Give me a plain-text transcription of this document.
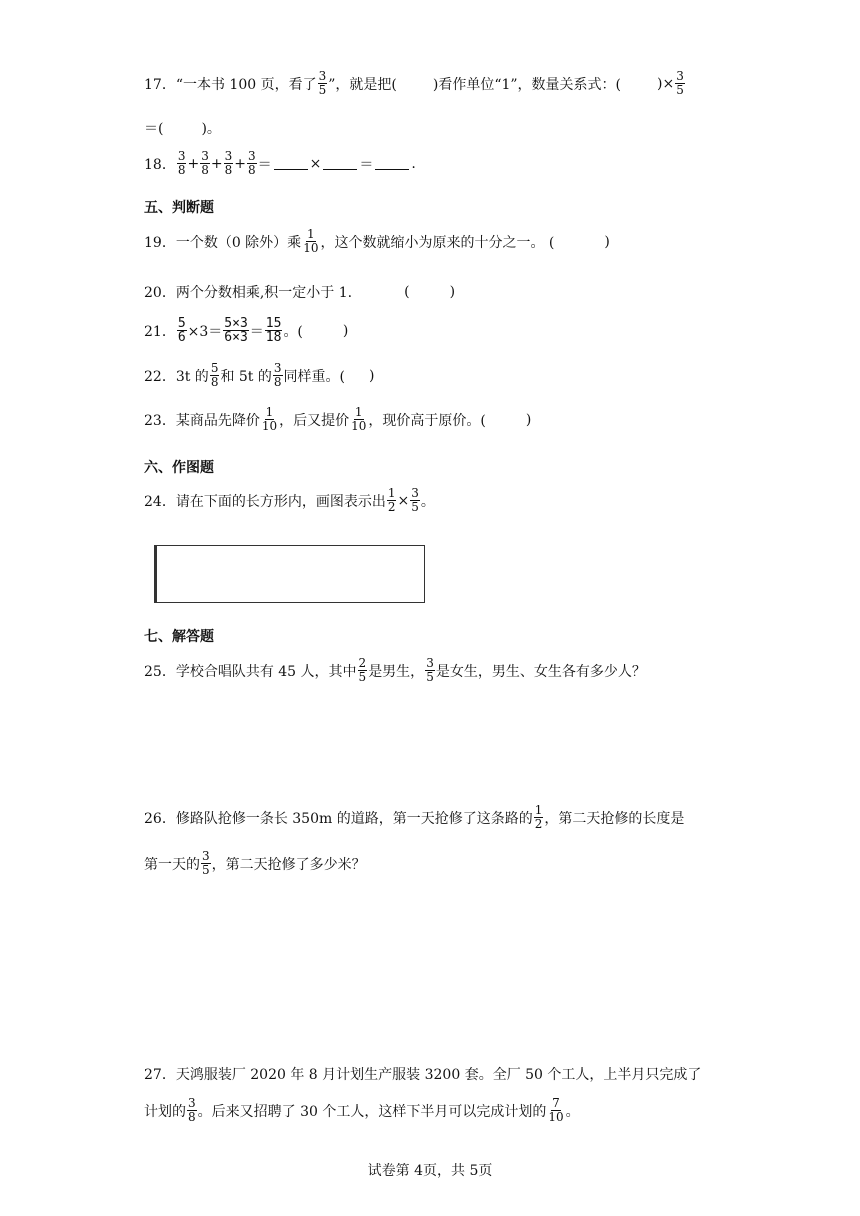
17． “一本书 100 页，看了 $\frac{3}{5}$ ”，就是把(	)看作单位“1”，数量关系式：(	)× $\frac{3}{5}$
＝(	)。
18． $\frac{3}{8} + \frac{3}{8} + \frac{3}{8} + \frac{3}{8}$ ＝	×	＝	.
五、判断题
19． 一个数（0 除外）乘 $\frac{1}{10}$ ，这个数就缩小为原来的十分之一。 (	)
20． 两个分数相乘,积一定小于 1.	(	)
21． $\frac{5}{6} \times 3= \frac{5\times 3}{6\times 3} = \frac{15}{18}$ 。(	)
22． 3t 的 $\frac{5}{8}$ 和 5t 的 $\frac{3}{8}$ 同样重。( )
23． 某商品先降价 $\frac{1}{10}$ ，后又提价 $\frac{1}{10}$ ，现价高于原价。(	)
六、作图题
24． 请在下面的长方形内，画图表示出 $\frac{1}{2} \times \frac{3}{5}$ 。
七、解答题
25． 学校合唱队共有 45 人，其中 $\frac{2}{5}$ 是男生， $\frac{3}{5}$ 是女生，男生、女生各有多少人？
26． 修路队抢修一条长 350m 的道路，第一天抢修了这条路的 $\frac{1}{2}$ ，第二天抢修的长度是
第一天的 $\frac{3}{5}$ ，第二天抢修了多少米？
27． 天鸿服装厂 2020 年 8 月计划生产服装 3200 套。全厂 50 个工人，上半月只完成了
计划的 $\frac{3}{8}$ 。后来又招聘了 30 个工人，这样下半月可以完成计划的 $\frac{7}{10}$ 。
试卷第 4页，共 5页
